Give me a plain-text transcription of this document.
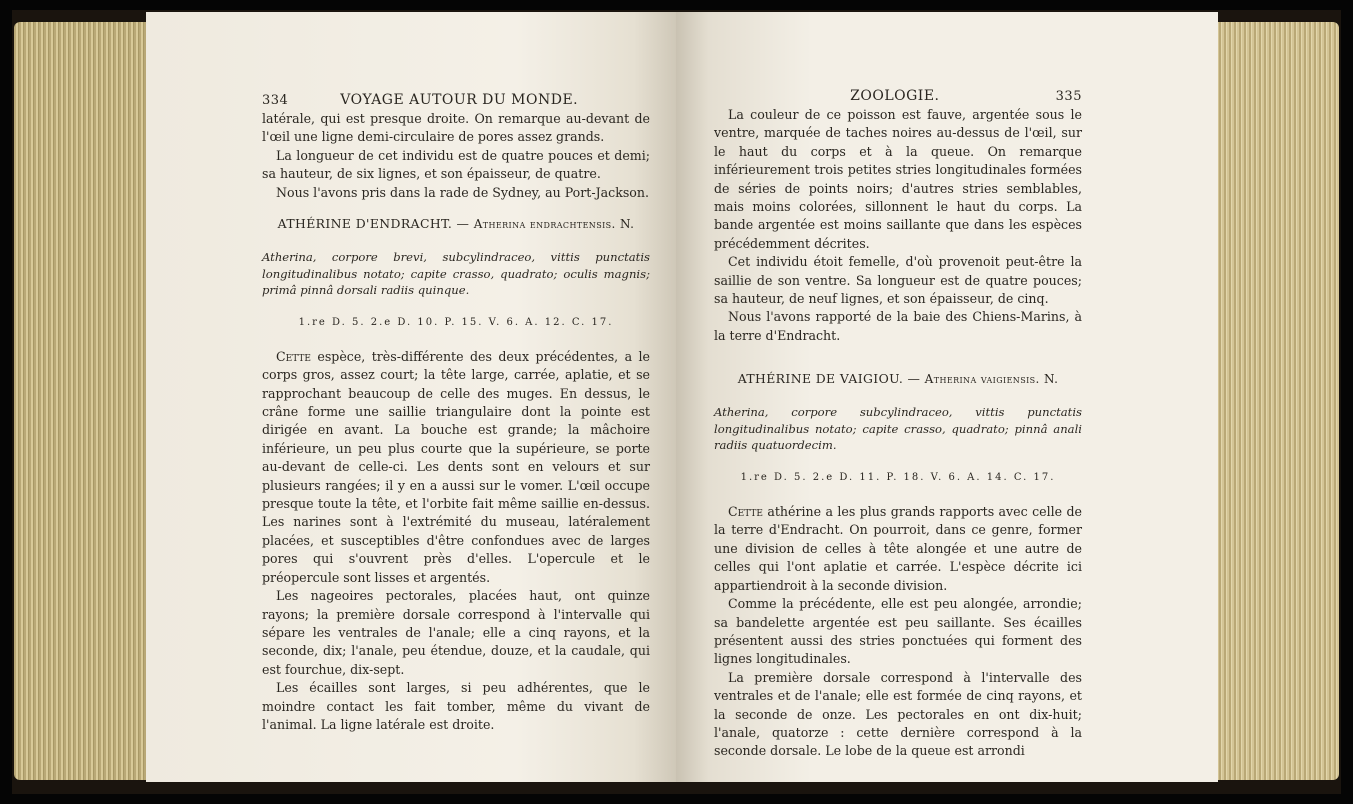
334	VOYAGE AUTOUR DU MONDE.

latérale, qui est presque droite. On remarque au-devant de l'œil une ligne demi-circulaire de pores assez grands.

La longueur de cet individu est de quatre pouces et demi; sa hauteur, de six lignes, et son épaisseur, de quatre.

Nous l'avons pris dans la rade de Sydney, au Port-Jackson.

ATHÉRINE D'ENDRACHT. — Atherina endrachtensis. N.

Atherina, corpore brevi, subcylindraceo, vittis punctatis longitudinalibus notato; capite crasso, quadrato; oculis magnis; primâ pinnâ dorsali radiis quinque.

1.re D. 5. 2.e D. 10. P. 15. V. 6. A. 12. C. 17.

Cette espèce, très-différente des deux précédentes, a le corps gros, assez court; la tête large, carrée, aplatie, et se rapprochant beaucoup de celle des muges. En dessus, le crâne forme une saillie triangulaire dont la pointe est dirigée en avant. La bouche est grande; la mâchoire inférieure, un peu plus courte que la supérieure, se porte au-devant de celle-ci. Les dents sont en velours et sur plusieurs rangées; il y en a aussi sur le vomer. L'œil occupe presque toute la tête, et l'orbite fait même saillie en-dessus. Les narines sont à l'extrémité du museau, latéralement placées, et susceptibles d'être confondues avec de larges pores qui s'ouvrent près d'elles. L'opercule et le préopercule sont lisses et argentés.

Les nageoires pectorales, placées haut, ont quinze rayons; la première dorsale correspond à l'intervalle qui sépare les ventrales de l'anale; elle a cinq rayons, et la seconde, dix; l'anale, peu étendue, douze, et la caudale, qui est fourchue, dix-sept.

Les écailles sont larges, si peu adhérentes, que le moindre contact les fait tomber, même du vivant de l'animal. La ligne latérale est droite.

ZOOLOGIE.	335

La couleur de ce poisson est fauve, argentée sous le ventre, marquée de taches noires au-dessus de l'œil, sur le haut du corps et à la queue. On remarque inférieurement trois petites stries longitudinales formées de séries de points noirs; d'autres stries semblables, mais moins colorées, sillonnent le haut du corps. La bande argentée est moins saillante que dans les espèces précédemment décrites.

Cet individu étoit femelle, d'où provenoit peut-être la saillie de son ventre. Sa longueur est de quatre pouces; sa hauteur, de neuf lignes, et son épaisseur, de cinq.

Nous l'avons rapporté de la baie des Chiens-Marins, à la terre d'Endracht.

ATHÉRINE DE VAIGIOU. — Atherina vaigiensis. N.

Atherina, corpore subcylindraceo, vittis punctatis longitudinalibus notato; capite crasso, quadrato; pinnâ anali radiis quatuordecim.

1.re D. 5. 2.e D. 11. P. 18. V. 6. A. 14. C. 17.

Cette athérine a les plus grands rapports avec celle de la terre d'Endracht. On pourroit, dans ce genre, former une division de celles à tête alongée et une autre de celles qui l'ont aplatie et carrée. L'espèce décrite ici appartiendroit à la seconde division.

Comme la précédente, elle est peu alongée, arrondie; sa bandelette argentée est peu saillante. Ses écailles présentent aussi des stries ponctuées qui forment des lignes longitudinales.

La première dorsale correspond à l'intervalle des ventrales et de l'anale; elle est formée de cinq rayons, et la seconde de onze. Les pectorales en ont dix-huit; l'anale, quatorze : cette dernière correspond à la seconde dorsale. Le lobe de la queue est arrondi
